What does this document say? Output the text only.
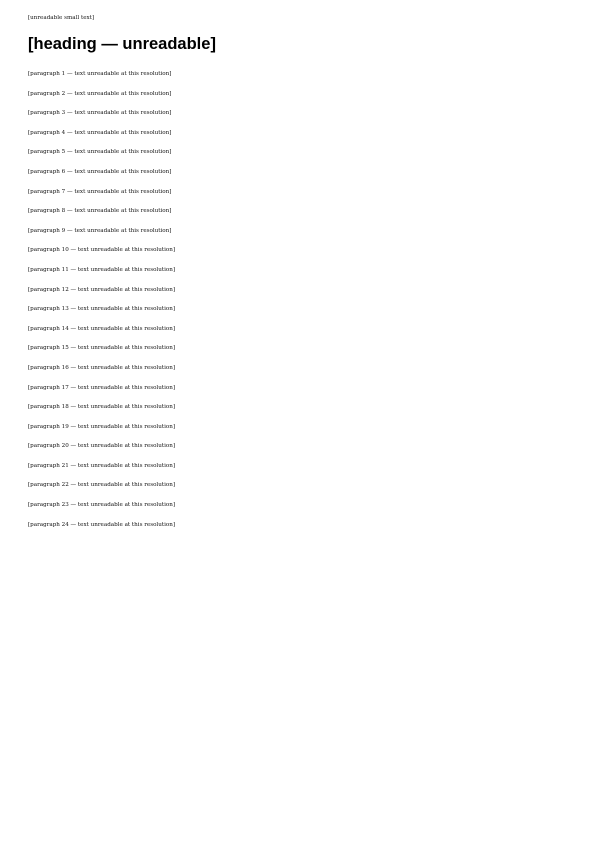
[unreadable small text]
[heading — unreadable]

[paragraph 1 — text unreadable at this resolution]

[paragraph 2 — text unreadable at this resolution]

[paragraph 3 — text unreadable at this resolution]

[paragraph 4 — text unreadable at this resolution]

[paragraph 5 — text unreadable at this resolution]

[paragraph 6 — text unreadable at this resolution]

[paragraph 7 — text unreadable at this resolution]

[paragraph 8 — text unreadable at this resolution]

[paragraph 9 — text unreadable at this resolution]

[paragraph 10 — text unreadable at this resolution]

[paragraph 11 — text unreadable at this resolution]

[paragraph 12 — text unreadable at this resolution]

[paragraph 13 — text unreadable at this resolution]

[paragraph 14 — text unreadable at this resolution]

[paragraph 15 — text unreadable at this resolution]

[paragraph 16 — text unreadable at this resolution]

[paragraph 17 — text unreadable at this resolution]

[paragraph 18 — text unreadable at this resolution]

[paragraph 19 — text unreadable at this resolution]

[paragraph 20 — text unreadable at this resolution]

[paragraph 21 — text unreadable at this resolution]

[paragraph 22 — text unreadable at this resolution]

[paragraph 23 — text unreadable at this resolution]

[paragraph 24 — text unreadable at this resolution]
